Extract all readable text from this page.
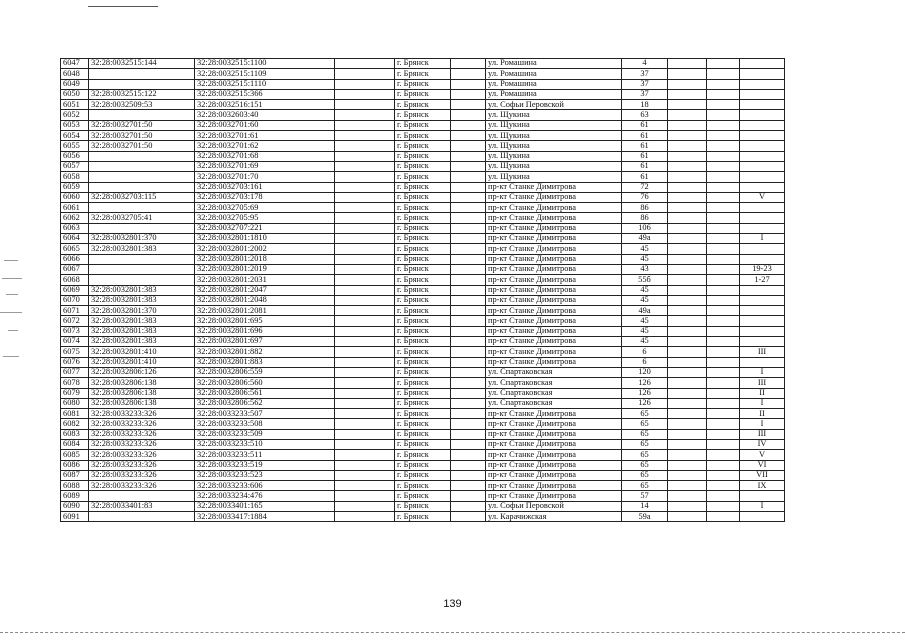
6047	32:28:0032515:144	32:28:0032515:1100		г. Брянск		ул. Ромашина	4			
6048		32:28:0032515:1109		г. Брянск		ул. Ромашина	37			
6049		32:28:0032515:1110		г. Брянск		ул. Ромашина	37			
6050	32:28:0032515:122	32:28:0032515:366		г. Брянск		ул. Ромашина	37			
6051	32:28:0032509:53	32:28:0032516:151		г. Брянск		ул. Софьи Перовской	18			
6052		32:28:0032603:40		г. Брянск		ул. Щукина	63			
6053	32:28:0032701:50	32:28:0032701:60		г. Брянск		ул. Щукина	61			
6054	32:28:0032701:50	32:28:0032701:61		г. Брянск		ул. Щукина	61			
6055	32:28:0032701:50	32:28:0032701:62		г. Брянск		ул. Щукина	61			
6056		32:28:0032701:68		г. Брянск		ул. Щукина	61			
6057		32:28:0032701:69		г. Брянск		ул. Щукина	61			
6058		32:28:0032701:70		г. Брянск		ул. Щукина	61			
6059		32:28:0032703:161		г. Брянск		пр-кт Станке Димитрова	72			
6060	32:28:0032703:115	32:28:0032703:178		г. Брянск		пр-кт Станке Димитрова	76			V
6061		32:28:0032705:69		г. Брянск		пр-кт Станке Димитрова	86			
6062	32:28:0032705:41	32:28:0032705:95		г. Брянск		пр-кт Станке Димитрова	86			
6063		32:28:0032707:221		г. Брянск		пр-кт Станке Димитрова	106			
6064	32:28:0032801:370	32:28:0032801:1810		г. Брянск		пр-кт Станке Димитрова	49а			I
6065	32:28:0032801:383	32:28:0032801:2002		г. Брянск		пр-кт Станке Димитрова	45			
6066		32:28:0032801:2018		г. Брянск		пр-кт Станке Димитрова	45			
6067		32:28:0032801:2019		г. Брянск		пр-кт Станке Димитрова	43			19-23
6068		32:28:0032801:2031		г. Брянск		пр-кт Станке Димитрова	55б			1-27
6069	32:28:0032801:383	32:28:0032801:2047		г. Брянск		пр-кт Станке Димитрова	45			
6070	32:28:0032801:383	32:28:0032801:2048		г. Брянск		пр-кт Станке Димитрова	45			
6071	32:28:0032801:370	32:28:0032801:2081		г. Брянск		пр-кт Станке Димитрова	49а			
6072	32:28:0032801:383	32:28:0032801:695		г. Брянск		пр-кт Станке Димитрова	45			
6073	32:28:0032801:383	32:28:0032801:696		г. Брянск		пр-кт Станке Димитрова	45			
6074	32:28:0032801:383	32:28:0032801:697		г. Брянск		пр-кт Станке Димитрова	45			
6075	32:28:0032801:410	32:28:0032801:882		г. Брянск		пр-кт Станке Димитрова	6			III
6076	32:28:0032801:410	32:28:0032801:883		г. Брянск		пр-кт Станке Димитрова	6			
6077	32:28:0032806:126	32:28:0032806:559		г. Брянск		ул. Спартаковская	120			I
6078	32:28:0032806:138	32:28:0032806:560		г. Брянск		ул. Спартаковская	126			III
6079	32:28:0032806:138	32:28:0032806:561		г. Брянск		ул. Спартаковская	126			II
6080	32:28:0032806:138	32:28:0032806:562		г. Брянск		ул. Спартаковская	126			I
6081	32:28:0033233:326	32:28:0033233:507		г. Брянск		пр-кт Станке Димитрова	65			II
6082	32:28:0033233:326	32:28:0033233:508		г. Брянск		пр-кт Станке Димитрова	65			I
6083	32:28:0033233:326	32:28:0033233:509		г. Брянск		пр-кт Станке Димитрова	65			III
6084	32:28:0033233:326	32:28:0033233:510		г. Брянск		пр-кт Станке Димитрова	65			IV
6085	32:28:0033233:326	32:28:0033233:511		г. Брянск		пр-кт Станке Димитрова	65			V
6086	32:28:0033233:326	32:28:0033233:519		г. Брянск		пр-кт Станке Димитрова	65			VI
6087	32:28:0033233:326	32:28:0033233:523		г. Брянск		пр-кт Станке Димитрова	65			VII
6088	32:28:0033233:326	32:28:0033233:606		г. Брянск		пр-кт Станке Димитрова	65			IX
6089		32:28:0033234:476		г. Брянск		пр-кт Станке Димитрова	57			
6090	32:28:0033401:83	32:28:0033401:165		г. Брянск		ул. Софьи Перовской	14			I
6091		32:28:0033417:1884		г. Брянск		ул. Карачижская	59а			
139
